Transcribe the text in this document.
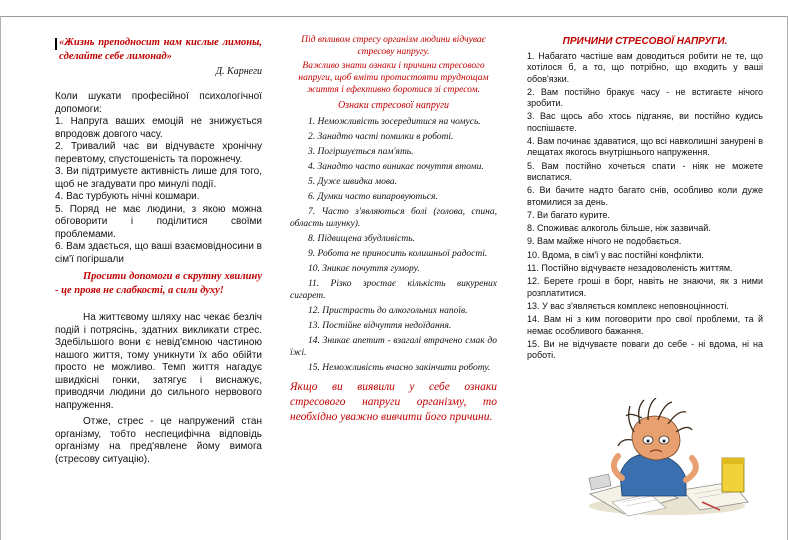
«Жизнь преподносит нам кислые лимоны, сделайте себе лимонад»

Д. Карнеги

Коли шукати професійної психологічної допомоги:

1. Напруга ваших емоцій не знижується впродовж довгого часу.

2. Тривалий час ви відчуваєте хронічну перевтому, спустошеність та порожнечу.

3. Ви підтримуєте активність лише для того, щоб не згадувати про минулі події.

4. Вас турбують нічні кошмари.

5. Поряд не має людини, з якою можна обговорити і поділитися своїми проблемами.

6. Вам здається, що ваші взаємовідносини в сім'ї погіршали

Просити допомоги в скрутну хвилину - це прояв не слабкості, а сили духу!

На життєвому шляху нас чекає безліч подій і потрясінь, здатних викликати стрес. Здебільшого вони є невід'ємною частиною нашого життя, тому уникнути їх або обійти просто не можливо. Темп життя нагадує швидкісні гонки, затягує і виснажує, приводячи людини до сильного нервового напруження.

Отже, стрес - це напружений стан організму, тобто неспецифічна відповідь організму на пред'явлене йому вимога (стресову ситуацію).

Під впливом стресу організм людини відчуває стресову напругу.

Важливо знати ознаки і причини стресового напруги, щоб вміти протистояти труднощам життя і ефективно боротися зі стресом.

Ознаки стресової напруги

1. Неможливість зосередитися на чомусь.

2. Занадто часті помилки в роботі.

3. Погіршується пам'ять.

4. Занадто часто виникає почуття втоми.

5. Дуже швидка мова.

6. Думки часто випаровуються.

7. Часто з'являються болі (голова, спина, область шлунку).

8. Підвищена збудливість.

9. Робота не приносить колишньої радості.

10. Зникає почуття гумору.

11. Різко зростає кількість викурених сигарет.

12. Пристрасть до алкогольних напоїв.

13. Постійне відчуття недоїдання.

14. Зникає апетит - взагалі втрачено смак до їжі.

15. Неможливість вчасно закінчити роботу.

Якщо ви виявили у себе ознаки стресового напруги організму, то необхідно уважно вивчити його причини.

ПРИЧИНИ СТРЕСОВОЇ НАПРУГИ.

1. Набагато частіше вам доводиться робити не те, що хотілося б, а то, що потрібно, що входить у ваші обов'язки.

2. Вам постійно бракує часу - не встигаєте нічого зробити.

3. Вас щось або хтось підганяє, ви постійно кудись поспішаєте.

4. Вам починає здаватися, що всі навколишні занурені в лещатах якогось внутрішнього напруження.

5. Вам постійно хочеться спати - ніяк не можете виспатися.

6. Ви бачите надто багато снів, особливо коли дуже втомилися за день.

7. Ви багато курите.

8. Споживає алкоголь більше, ніж зазвичай.

9. Вам майже нічого не подобається.

10. Вдома, в сім'ї у вас постійні конфлікти.

11. Постійно відчуваєте незадоволеність життям.

12. Берете гроші в борг, навіть не знаючи, як з ними розплатитися.

13. У вас з'являється комплекс неповноцінності.

14. Вам ні з ким поговорити про свої проблеми, та й немає особливого бажання.

15. Ви не відчуваєте поваги до себе - ні вдома, ні на роботі.
